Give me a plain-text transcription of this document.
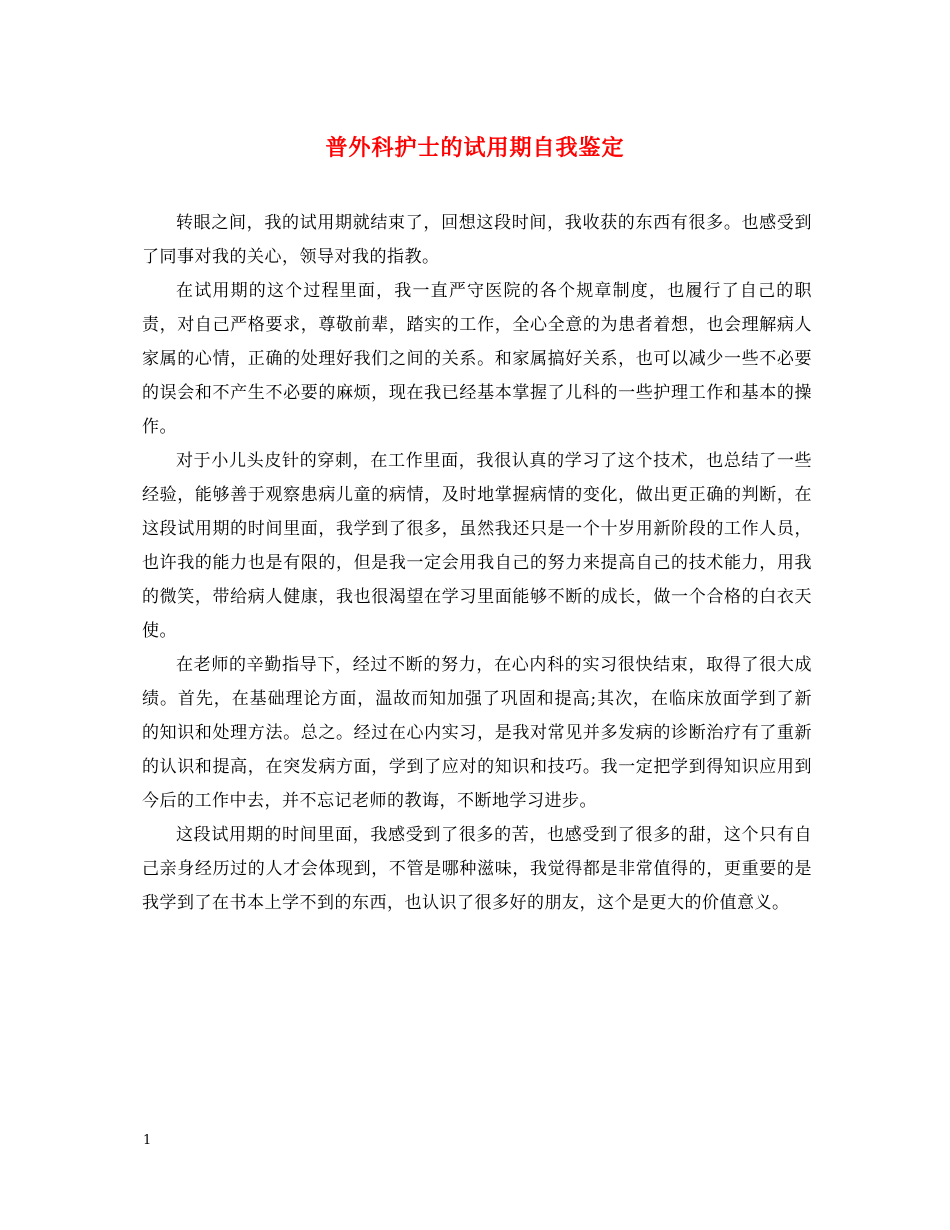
普外科护士的试用期自我鉴定

转眼之间，我的试用期就结束了，回想这段时间，我收获的东西有很多。也感受到了同事对我的关心，领导对我的指教。

在试用期的这个过程里面，我一直严守医院的各个规章制度，也履行了自己的职责，对自己严格要求，尊敬前辈，踏实的工作，全心全意的为患者着想，也会理解病人家属的心情，正确的处理好我们之间的关系。和家属搞好关系，也可以减少一些不必要的误会和不产生不必要的麻烦，现在我已经基本掌握了儿科的一些护理工作和基本的操作。

对于小儿头皮针的穿刺，在工作里面，我很认真的学习了这个技术，也总结了一些经验，能够善于观察患病儿童的病情，及时地掌握病情的变化，做出更正确的判断，在这段试用期的时间里面，我学到了很多，虽然我还只是一个十岁用新阶段的工作人员，也许我的能力也是有限的，但是我一定会用我自己的努力来提高自己的技术能力，用我的微笑，带给病人健康，我也很渴望在学习里面能够不断的成长，做一个合格的白衣天使。

在老师的辛勤指导下，经过不断的努力，在心内科的实习很快结束，取得了很大成绩。首先，在基础理论方面，温故而知加强了巩固和提高;其次，在临床放面学到了新的知识和处理方法。总之。经过在心内实习，是我对常见并多发病的诊断治疗有了重新的认识和提高，在突发病方面，学到了应对的知识和技巧。我一定把学到得知识应用到今后的工作中去，并不忘记老师的教诲，不断地学习进步。

这段试用期的时间里面，我感受到了很多的苦，也感受到了很多的甜，这个只有自己亲身经历过的人才会体现到，不管是哪种滋味，我觉得都是非常值得的，更重要的是我学到了在书本上学不到的东西，也认识了很多好的朋友，这个是更大的价值意义。

1
